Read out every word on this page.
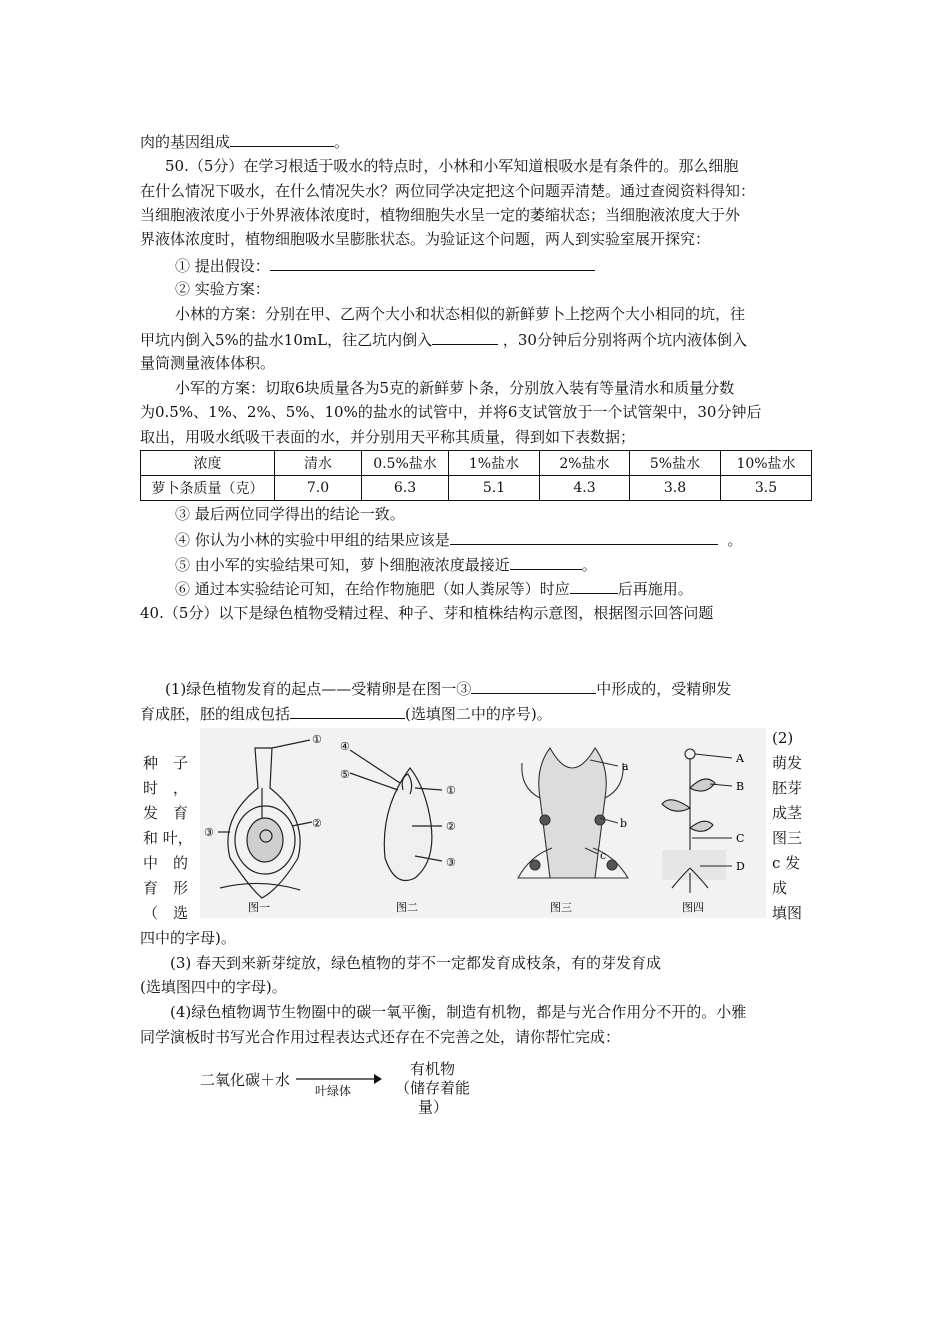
肉的基因组成	。
50.（5分）在学习根适于吸水的特点时，小林和小军知道根吸水是有条件的。那么细胞
在什么情况下吸水，在什么情况失水？两位同学决定把这个问题弄清楚。通过查阅资料得知：
当细胞液浓度小于外界液体浓度时，植物细胞失水呈一定的萎缩状态；当细胞液浓度大于外
界液体浓度时，植物细胞吸水呈膨胀状态。为验证这个问题，两人到实验室展开探究：
① 提出假设：
② 实验方案：
小林的方案：分别在甲、乙两个大小和状态相似的新鲜萝卜上挖两个大小相同的坑，往
甲坑内倒入5%的盐水10mL，往乙坑内倒入	，30分钟后分别将两个坑内液体倒入
量筒测量液体体积。
小军的方案：切取6块质量各为5克的新鲜萝卜条，分别放入装有等量清水和质量分数
为0.5%、1%、2%、5%、10%的盐水的试管中，并将6支试管放于一个试管架中，30分钟后
取出，用吸水纸吸干表面的水，并分别用天平称其质量，得到如下表数据；
浓度	清水	0.5%盐水	1%盐水	2%盐水	5%盐水	10%盐水
萝卜条质量（克）	7.0	6.3	5.1	4.3	3.8	3.5
③ 最后两位同学得出的结论一致。
④ 你认为小林的实验中甲组的结果应该是	。
⑤ 由小军的实验结果可知，萝卜细胞液浓度最接近	。
⑥ 通过本实验结论可知，在给作物施肥（如人粪尿等）时应	后再施用。
40.（5分）以下是绿色植物受精过程、种子、芽和植株结构示意图，根据图示回答问题
(1)绿色植物发育的起点——受精卵是在图一③	中形成的，受精卵发
育成胚，胚的组成包括	(选填图二中的序号)。
种　子
时　，
发　育
和 叶，
中　的
育　形
（　选
(2)
萌发
胚芽
成茎
图三
c 发
成
填图
①
②
③
图一
④
⑤
①
②
③
图二
a
b
c
图三
A
B
C
D
图四
四中的字母)。
(3) 春天到来新芽绽放，绿色植物的芽不一定都发育成枝条，有的芽发育成
(选填图四中的字母)。
(4)绿色植物调节生物圈中的碳一氧平衡，制造有机物，都是与光合作用分不开的。小雅
同学演板时书写光合作用过程表达式还存在不完善之处，请你帮忙完成：
二氧化碳＋水
叶绿体
有机物
（储存着能
量）
